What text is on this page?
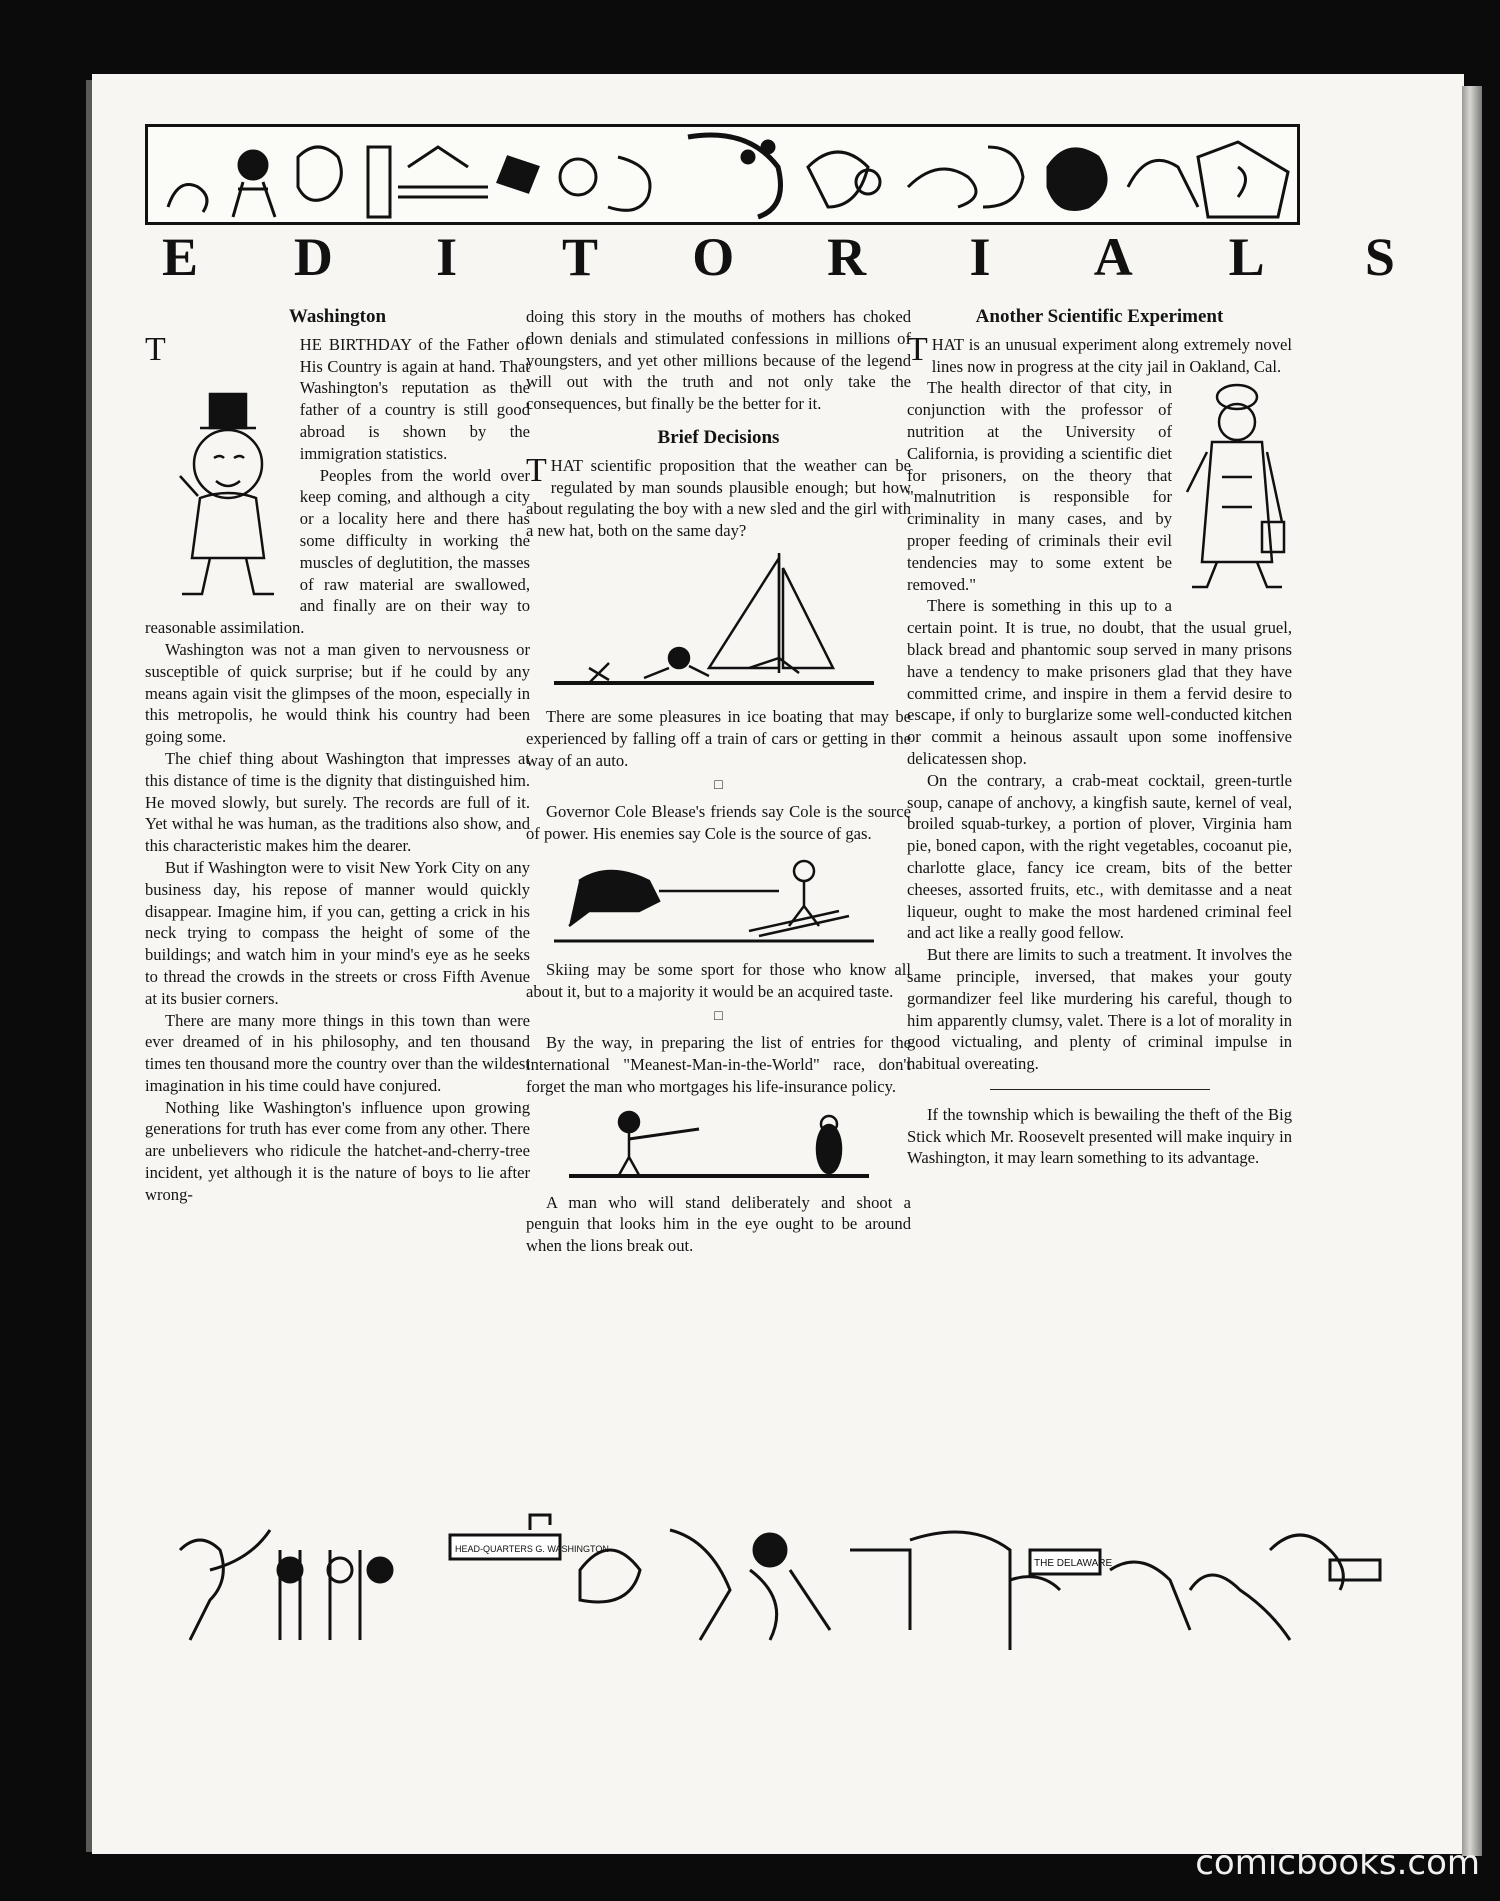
E D	I	T O R	I	A L S
Washington

T	HE BIRTHDAY of the Father of His Country is again at hand. That Washington's reputation as the father of a country is still good abroad is shown by the immigration statistics.

Peoples from the world over keep coming, and although a city or a locality here and there has some difficulty in working the muscles of deglutition, the masses of raw material are swallowed, and finally are on their way to reasonable assimilation.

Washington was not a man given to nervousness or susceptible of quick surprise; but if he could by any means again visit the glimpses of the moon, especially in this metropolis, he would think his country had been going some.

The chief thing about Washington that impresses at this distance of time is the dignity that distinguished him. He moved slowly, but surely. The records are full of it. Yet withal he was human, as the traditions also show, and this characteristic makes him the dearer.

But if Washington were to visit New York City on any business day, his repose of manner would quickly disappear. Imagine him, if you can, getting a crick in his neck trying to compass the height of some of the buildings; and watch him in your mind's eye as he seeks to thread the crowds in the streets or cross Fifth Avenue at its busier corners.

There are many more things in this town than were ever dreamed of in his philosophy, and ten thousand times ten thousand more the country over than the wildest imagination in his time could have conjured.

Nothing like Washington's influence upon growing generations for truth has ever come from any other. There are unbelievers who ridicule the hatchet-and-cherry-tree incident, yet although it is the nature of boys to lie after wrong-

doing this story in the mouths of mothers has choked down denials and stimulated confessions in millions of youngsters, and yet other millions because of the legend will out with the truth and not only take the consequences, but finally be the better for it.

Brief Decisions

THAT scientific proposition that the weather can be regulated by man sounds plausible enough; but how about regulating the boy with a new sled and the girl with a new hat, both on the same day?

There are some pleasures in ice boating that may be experienced by falling off a train of cars or getting in the way of an auto.

□

Governor Cole Blease's friends say Cole is the source of power. His enemies say Cole is the source of gas.

Skiing may be some sport for those who know all about it, but to a majority it would be an acquired taste.

□

By the way, in preparing the list of entries for the international "Meanest-Man-in-the-World" race, don't forget the man who mortgages his life-insurance policy.

A man who will stand deliberately and shoot a penguin that looks him in the eye ought to be around when the lions break out.

Another Scientific Experiment

THAT is an unusual experiment along extremely novel lines now in progress at the city jail in Oakland, Cal.

The health director of that city, in conjunction with the professor of nutrition at the University of California, is providing a scientific diet for prisoners, on the theory that "malnutrition is responsible for criminality in many cases, and by proper feeding of criminals their evil tendencies may to some extent be removed."

There is something in this up to a certain point. It is true, no doubt, that the usual gruel, black bread and phantomic soup served in many prisons have a tendency to make prisoners glad that they have committed crime, and inspire in them a fervid desire to escape, if only to burglarize some well-conducted kitchen or commit a heinous assault upon some inoffensive delicatessen shop.

On the contrary, a crab-meat cocktail, green-turtle soup, canape of anchovy, a kingfish saute, kernel of veal, broiled squab-turkey, a portion of plover, Virginia ham pie, boned capon, with the right vegetables, cocoanut pie, charlotte glace, fancy ice cream, bits of the better cheeses, assorted fruits, etc., with demitasse and a neat liqueur, ought to make the most hardened criminal feel and act like a really good fellow.

But there are limits to such a treatment. It involves the same principle, inversed, that makes your gouty gormandizer feel like murdering his careful, though to him apparently clumsy, valet. There is a lot of morality in good victualing, and plenty of criminal impulse in habitual overeating.

If the township which is bewailing the theft of the Big Stick which Mr. Roosevelt presented will make inquiry in Washington, it may learn something to its advantage.

HEAD-QUARTERS G. WASHINGTON
THE DELAWARE
comicbooks.com
